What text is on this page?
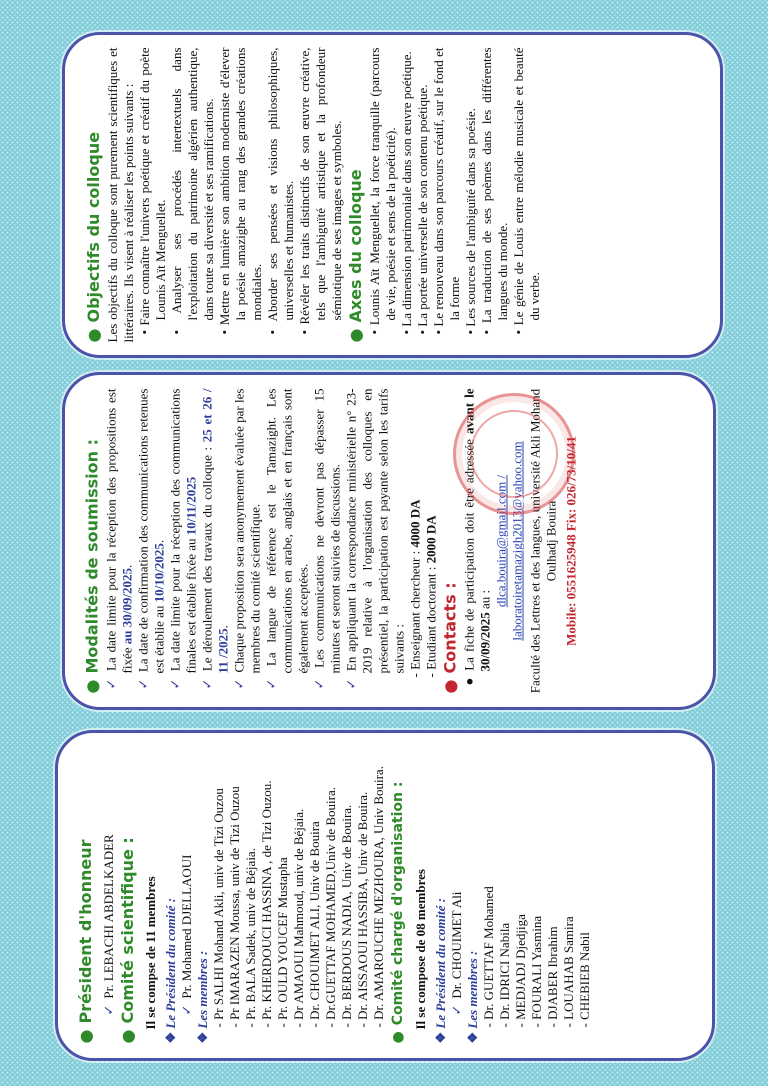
●Président d'honneur ✓Pr. LEBACHI ABDELKADER
●Comité scientifique : Il se compse de 11 membres
❖ Le Président du comité : ✓Pr. Mohamed DJELLAOUI
❖ Les membres : - Pr SALHI Mohand Akli, univ de Tizi Ouzou - Pr IMARAZEN Moussa, univ de Tizi Ouzou - Pr. BALA Sadek, univ de Béjaia. - Pr. KHERDOUCI HASSINA , de Tizi Ouzou. - Pr. OULD YOUCEF Mustapha - Dr AMAOUI Mahmoud, univ de Béjaia. - Dr. CHOUIMET ALI, Univ de Bouira - Dr.GUETTAF MOHAMED,Univ de Bouira. - Dr. BERDOUS NADIA, Univ de Bouira. - Dr. AISSAOUI HASSIBA, Univ de Bouira. - Dr. AMAROUCHE MEZHOURA, Univ Bouira.
●Comité chargé d'organisation : Il se compose de 08 membres
❖ Le Président du comité : ✓Dr. CHOUIMET Ali
❖ Les membres : - Dr. GUETTAF Mohamed - Dr. IDRICI Nabila - MEDJADJ Djedjiga - FOURALI Yasmina - DJABER Ibrahim - LOUAHAB Samira - CHEBIEB Nabil
●Modalités de soumission :
✓La date limite pour la réception des propositions est fixée au 30/09/2025.
✓La date de confirmation des communications retenues est établie au 10/10/2025.
✓La date limite pour la réception des communications finales est établie fixée au 10/11/2025
✓Le déroulement des travaux du colloque : 25 et 26 / 11 /2025.
✓Chaque proposition sera anonymement évaluée par les membres du comité scientifique.
✓La langue de référence est le Tamazight. Les communications en arabe, anglais et en français sont également acceptées.
✓Les communications ne devront pas dépasser 15 minutes et seront suivies de discussions.
✓En appliquant la correspondance ministérielle n° 23-2019 relative à l'organisation des colloques en présentiel, la participation est payante selon les tarifs suivants :
- Enseignant chercheur : 4000 DA
- Etudiant doctorant : 2000 DA
●Contacts :
● La fiche de participation doit être adressée avant le 30/09/2025 au : dlca.bouira@gmail.com / laboratoiretamazigh2013@yahoo.com Faculté des Lettres et des langues, université Akli Mohand Oulhadj Bouira Mobile: 0551625948 Fix: 026/73/10/41
●Objectifs du colloque Les objectifs du colloque sont purement scientifiques et littéraires. Ils visent à réaliser les points suivants : • Faire connaître l'univers poétique et créatif du poète Lounis Aït Menguellet. • Analyser ses procédés intertextuels dans l'exploitation du patrimoine algérien authentique, dans toute sa diversité et ses ramifications. • Mettre en lumière son ambition moderniste d'élever la poésie amazighe au rang des grandes créations mondiales. • Aborder ses pensées et visions philosophiques, universelles et humanistes. • Révéler les traits distinctifs de son œuvre créative, tels que l'ambiguïté artistique et la profondeur sémiotique de ses images et symboles.
●Axes du colloque • Lounis Aït Menguellet, la force tranquille (parcours de vie, poésie et sens de la poéticité). • La dimension patrimoniale dans son œuvre poétique. • La portée universelle de son contenu poétique. • Le renouveau dans son parcours créatif, sur le fond et la forme • Les sources de l'ambiguïté dans sa poésie. • La traduction de ses poèmes dans les différentes langues du monde. • Le génie de Louis entre mélodie musicale et beauté du verbe.
